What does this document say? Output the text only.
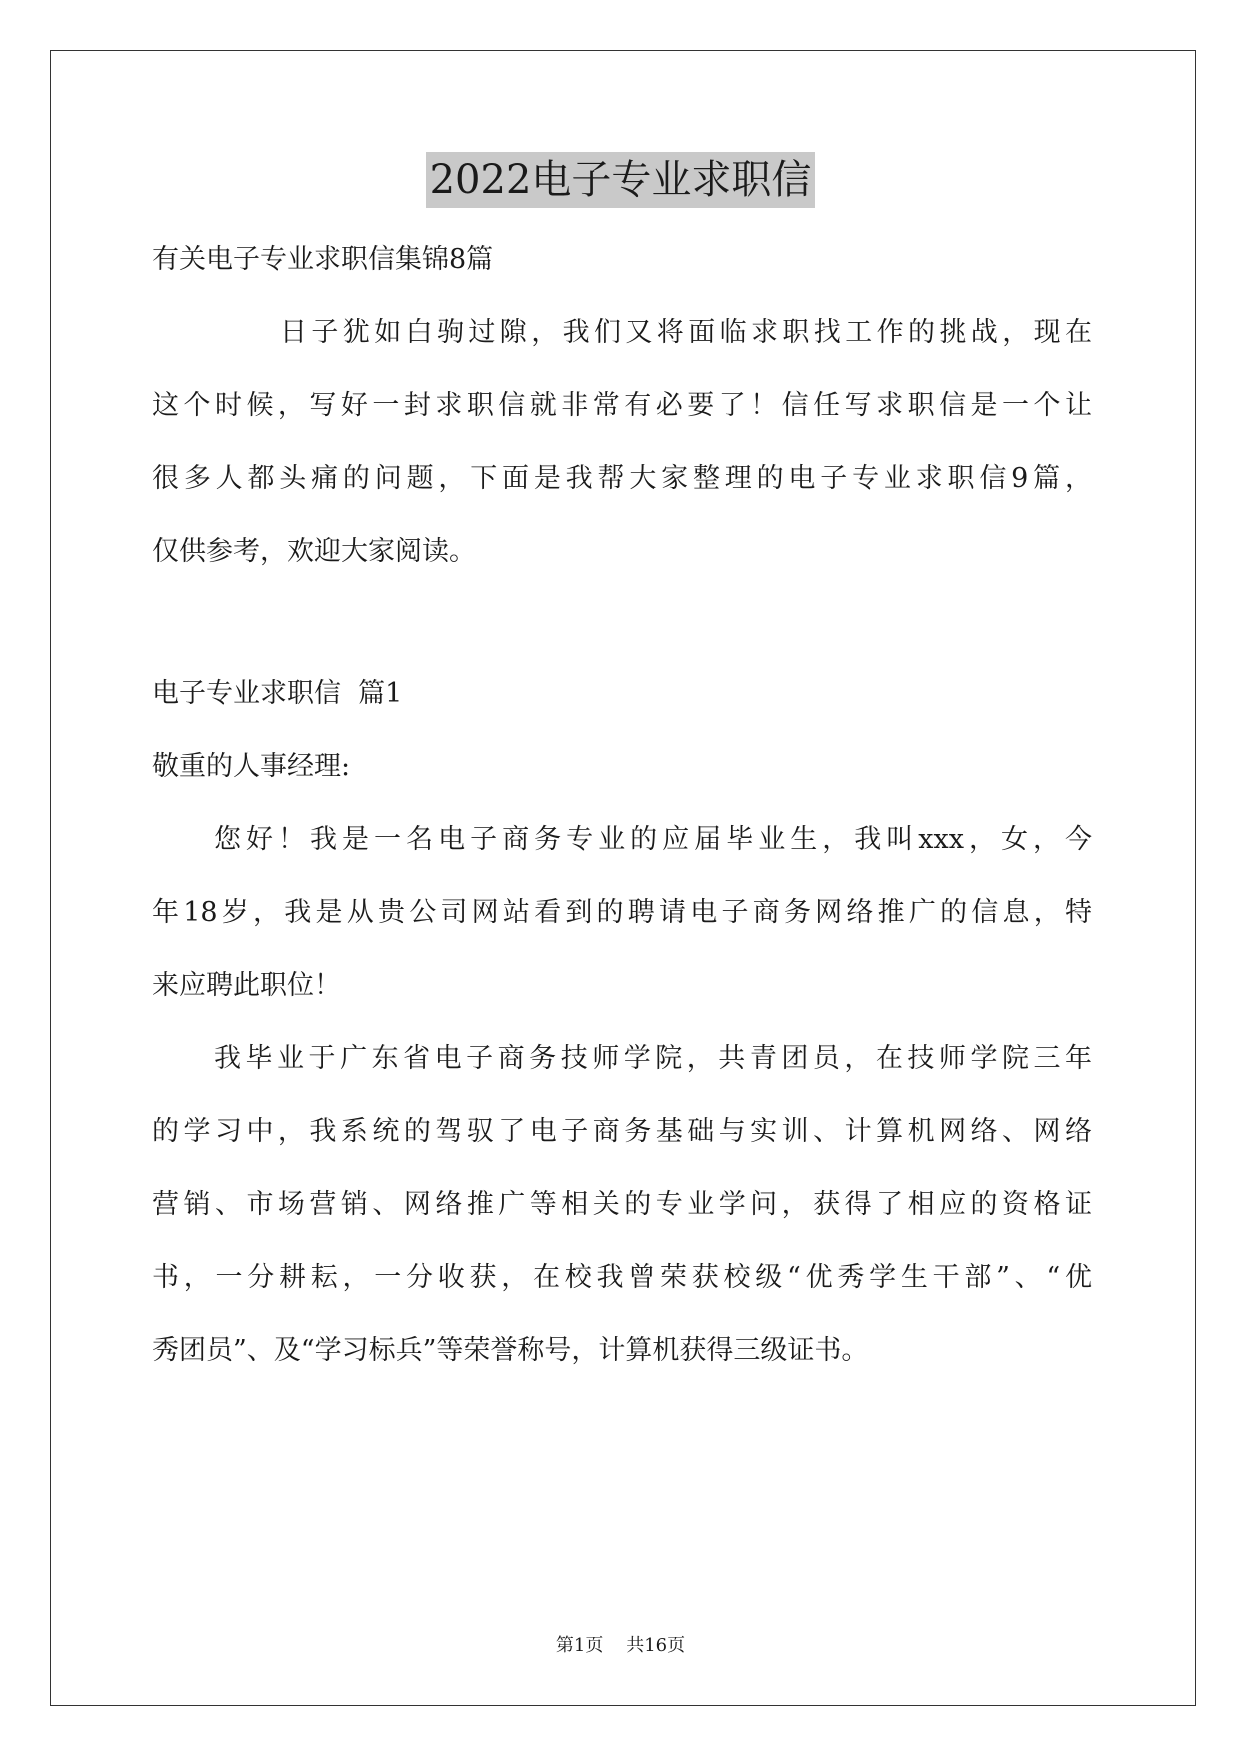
2022电子专业求职信
有关电子专业求职信集锦8篇
日子犹如白驹过隙，我们又将面临求职找工作的挑战，现在
这个时候，写好一封求职信就非常有必要了！信任写求职信是一个让
很多人都头痛的问题，下面是我帮大家整理的电子专业求职信9篇，
仅供参考，欢迎大家阅读。
电子专业求职信  篇1
敬重的人事经理:
您好！我是一名电子商务专业的应届毕业生，我叫xxx，女，今
年18岁，我是从贵公司网站看到的聘请电子商务网络推广的信息，特
来应聘此职位！
我毕业于广东省电子商务技师学院，共青团员，在技师学院三年
的学习中，我系统的驾驭了电子商务基础与实训、计算机网络、网络
营销、市场营销、网络推广等相关的专业学问，获得了相应的资格证
书，一分耕耘，一分收获，在校我曾荣获校级“优秀学生干部”、“优
秀团员”、及“学习标兵”等荣誉称号，计算机获得三级证书。
第1页    共16页
